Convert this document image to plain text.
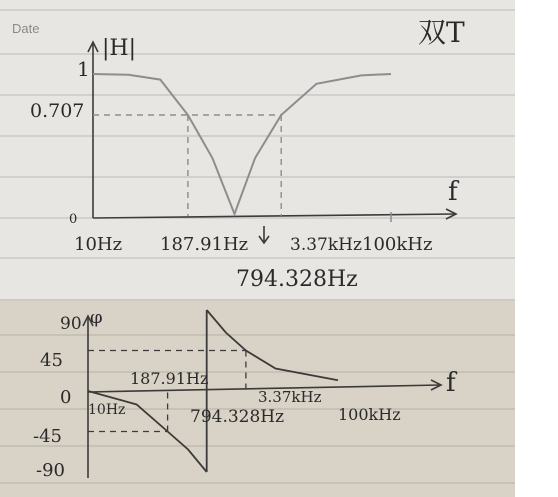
Date	双T
|H|
f
1
0.707
0
10Hz 187.91Hz 3.37kHz 100kHz
794.328Hz
φ
f
90
45
0
-45
-90
10Hz
187.91Hz
794.328Hz
3.37kHz
100kHz
